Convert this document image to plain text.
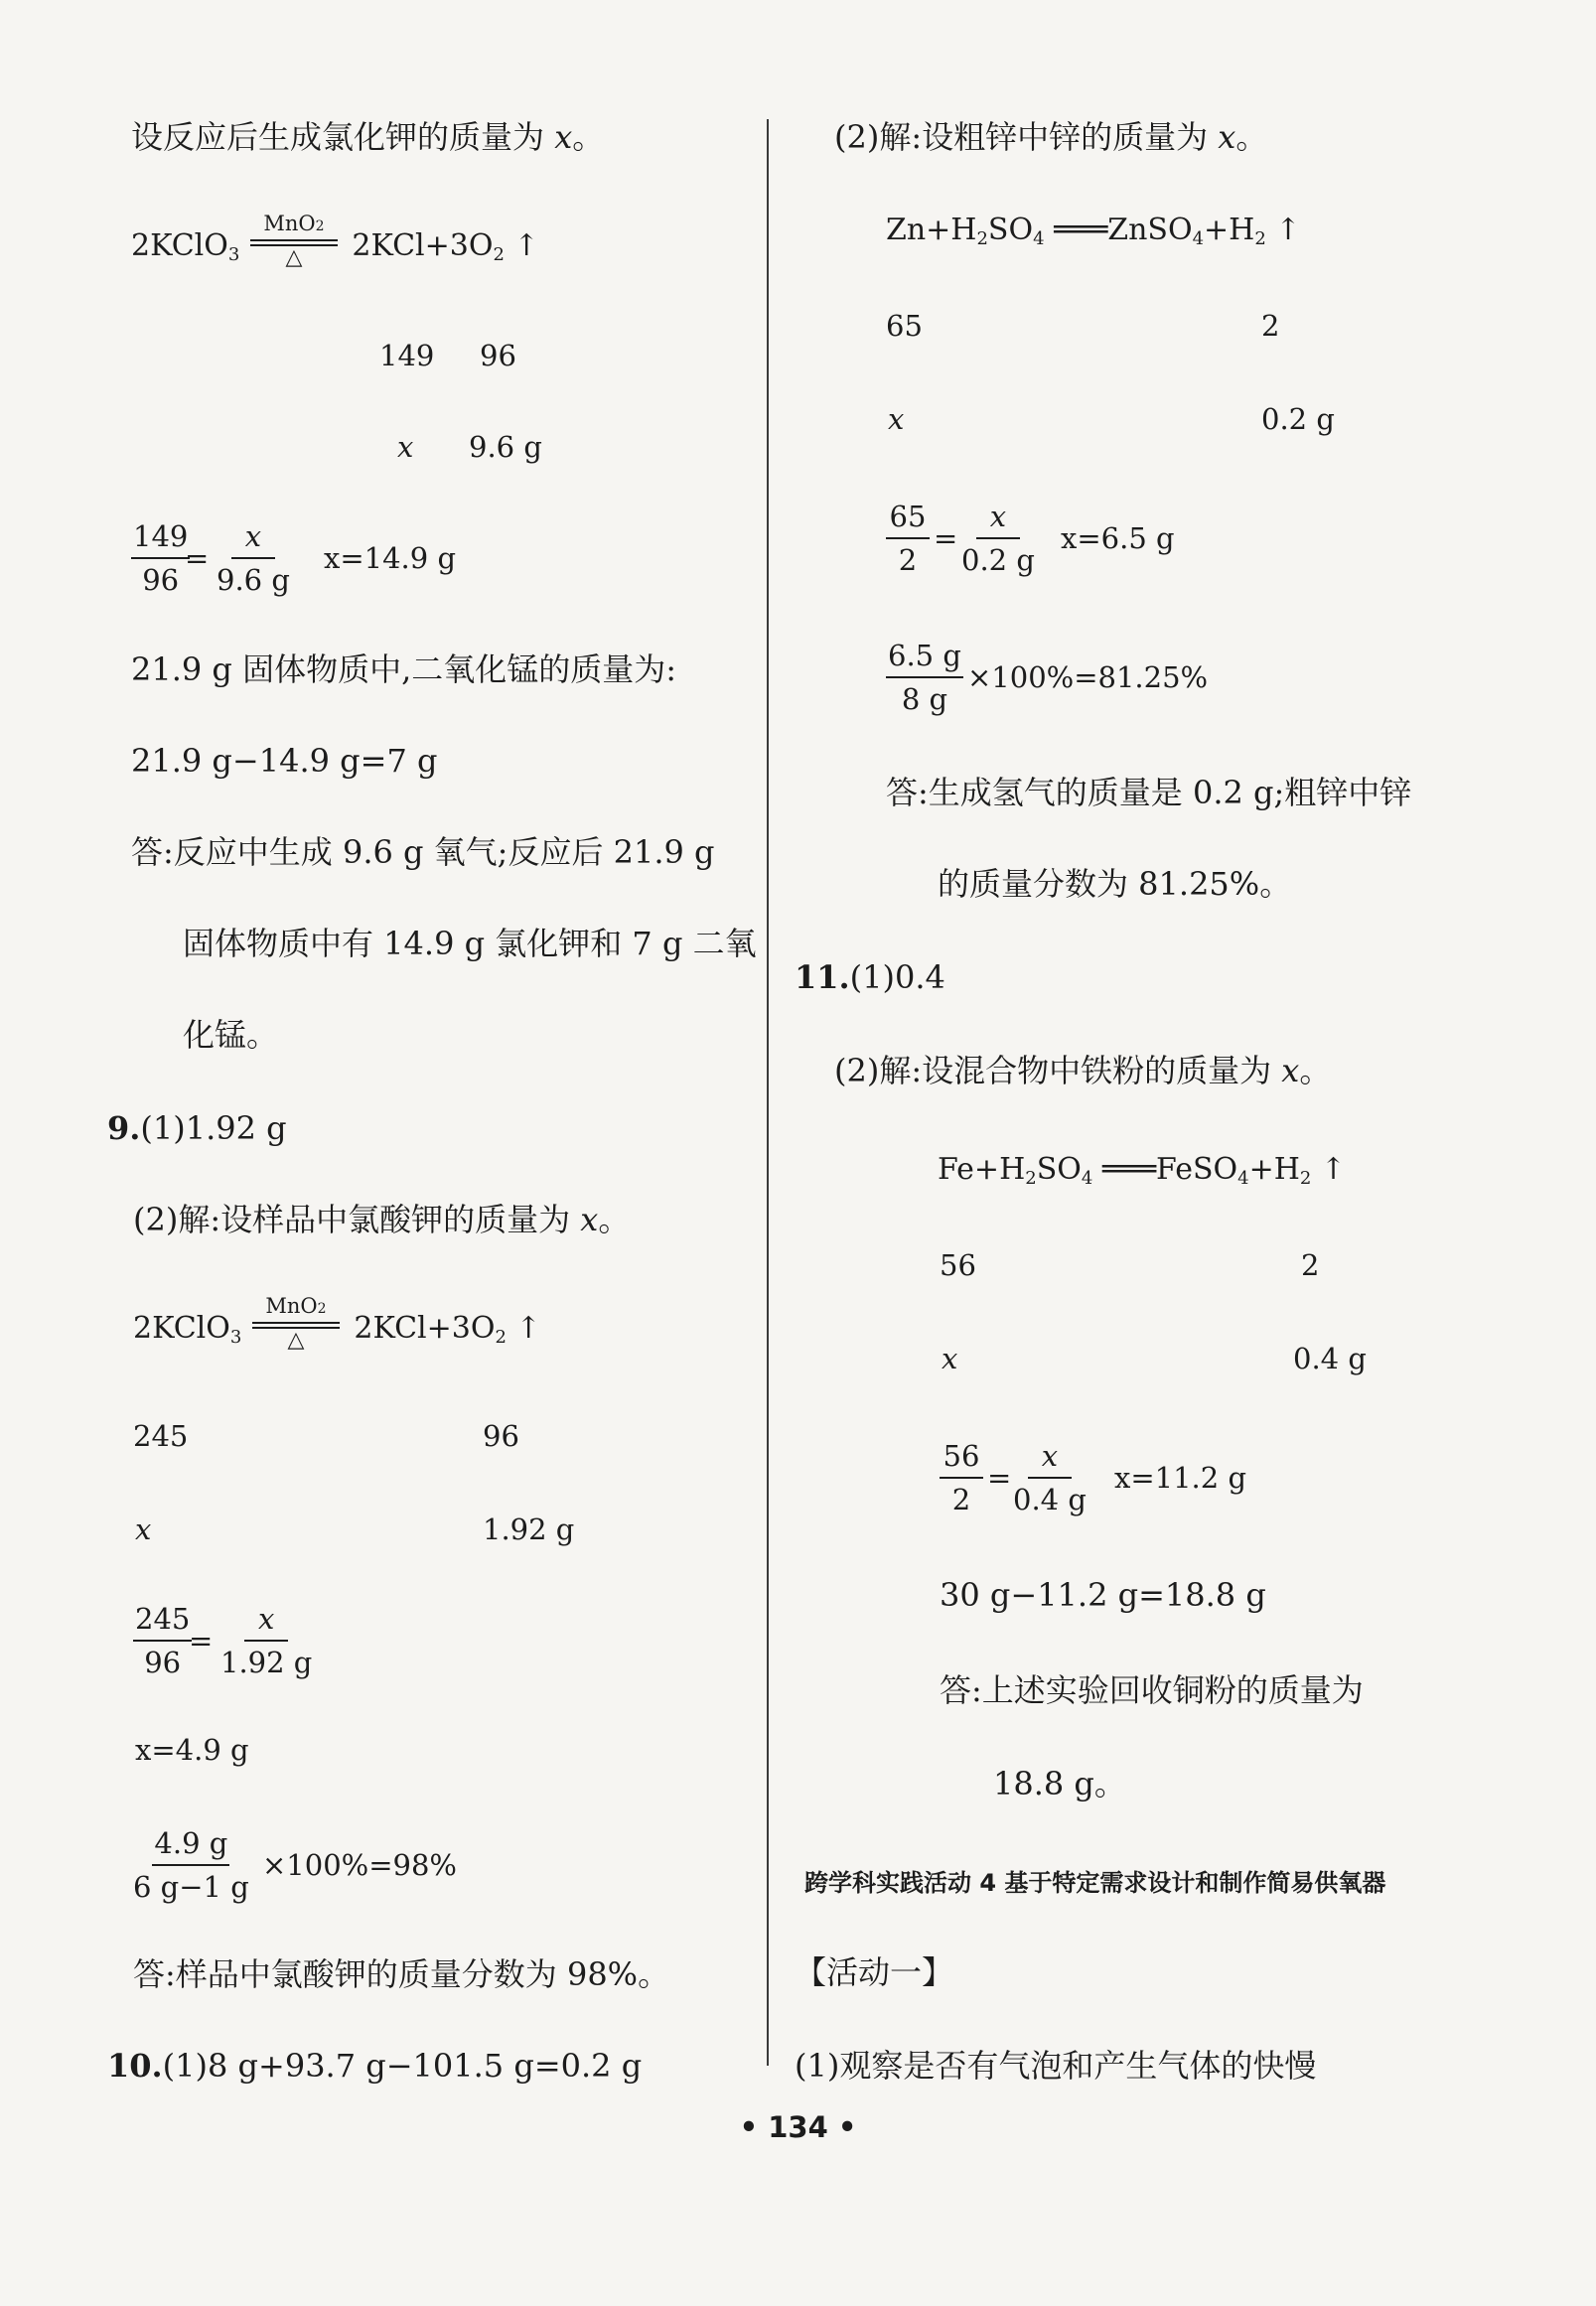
设反应后生成氯化钾的质量为 x。
2KClO$_3$	$2KCl+3O_2$ ↑
MnO2
△
149 96
x 9.6 g
$\frac{149}{96}$
= $\frac{x}{9.6 g} x=14.9$ g
21.9 g 固体物质中,二氧化锰的质量为:
21.9 g−14.9 g=7 g
答:反应中生成 9.6 g 氧气;反应后 21.9 g
固体物质中有 14.9 g 氯化钾和 7 g 二氧
化锰。
9.(1)1.92 g
(2)解:设样品中氯酸钾的质量为 x。
2KClO$_3$	$2KCl+3O_2$ ↑
MnO2
△
245	96
x	1.92 g
$\frac{245}{96}$
= $\frac{x}{1.92 g}$
x=4.9 g
$\frac{4.9 g}{6 g-1 g} \times 100\%=98\%$
答:样品中氯酸钾的质量分数为 98%。
10.(1)8 g+93.7 g−101.5 g=0.2 g
(2)解:设粗锌中锌的质量为 x。
$Zn+H_2SO_4$ $═══ZnSO_4+H_2$ ↑
65	2
x	0.2 g
$\frac{65}{2} = \frac{x}{0.2 g} x=6.5$ g
$\frac{6.5 g}{8 g} \times 100\%=81.25\%$
答:生成氢气的质量是 0.2 g;粗锌中锌
的质量分数为 81.25%。
11.(1)0.4
(2)解:设混合物中铁粉的质量为 x。
$Fe+H_2SO_4$ $═══FeSO_4+H_2$ ↑
56	2
x	0.4 g
$\frac{56}{2} = \frac{x}{0.4 g} x=11.2$ g
30 g−11.2 g=18.8 g
答:上述实验回收铜粉的质量为
18.8 g。
跨学科实践活动 4 基于特定需求设计和制作简易供氧器
【活动一】
(1)观察是否有气泡和产生气体的快慢
• 134 •
